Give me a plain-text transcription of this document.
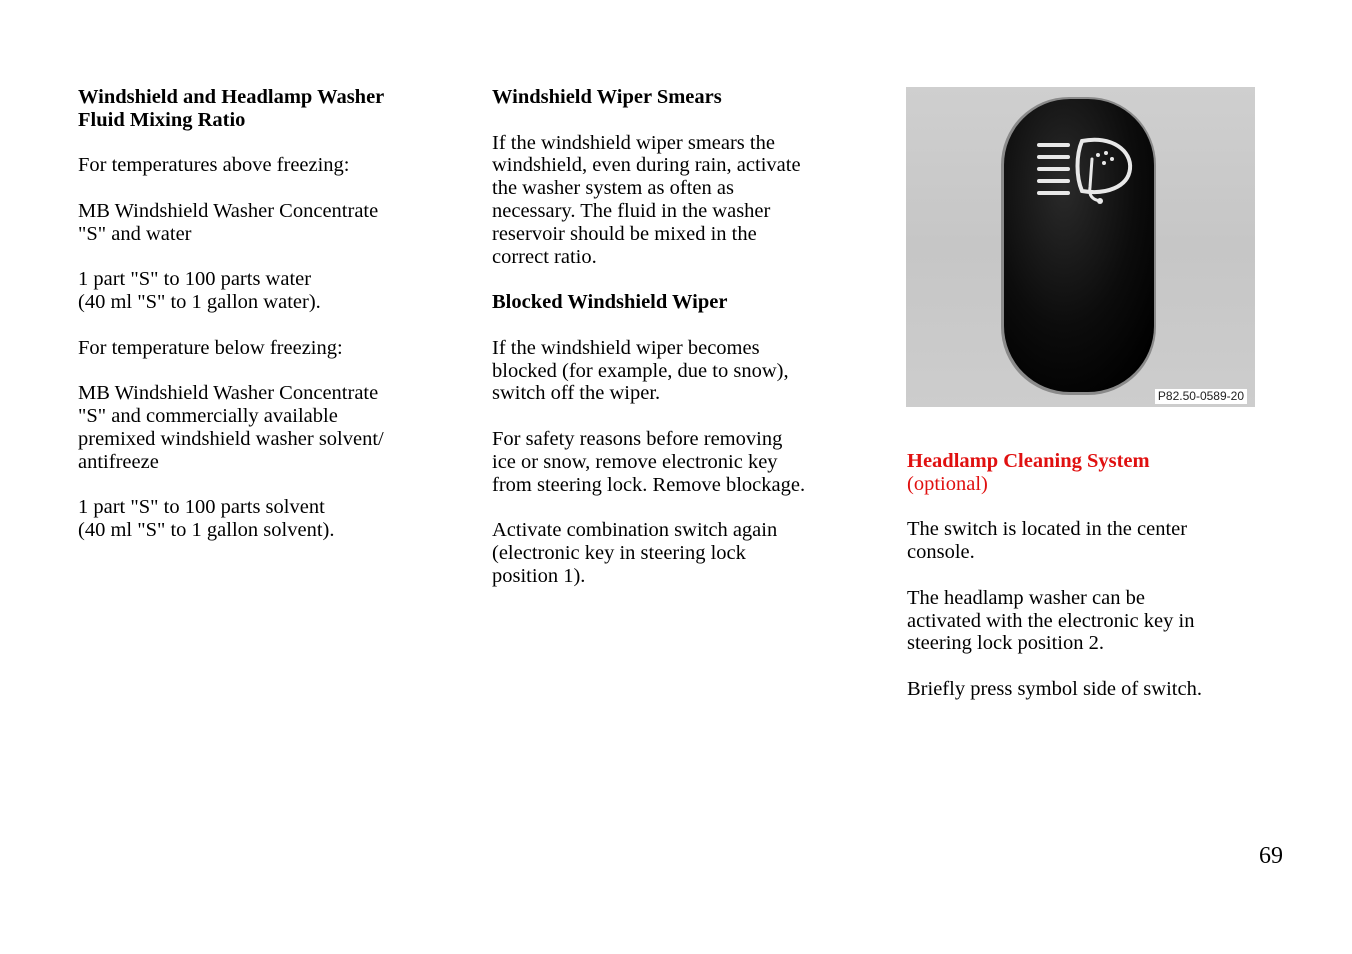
Windshield and Headlamp Washer
Fluid Mixing Ratio

For temperatures above freezing:

MB Windshield Washer Concentrate
"S" and water

1 part "S" to 100 parts water
(40 ml "S" to 1 gallon water).

For temperature below freezing:

MB Windshield Washer Concentrate
"S" and commercially available
premixed windshield washer solvent/
antifreeze

1 part "S" to 100 parts solvent
(40 ml "S" to 1 gallon solvent).

Windshield Wiper Smears

If the windshield wiper smears the
windshield, even during rain, activate
the washer system as often as
necessary. The fluid in the washer
reservoir should be mixed in the
correct ratio.

Blocked Windshield Wiper

If the windshield wiper becomes
blocked (for example, due to snow),
switch off the wiper.

For safety reasons before removing
ice or snow, remove electronic key
from steering lock. Remove blockage.

Activate combination switch again
(electronic key in steering lock
position 1).

P82.50-0589-20

Headlamp Cleaning System

(optional)

The switch is located in the center
console.

The headlamp washer can be
activated with the electronic key in
steering lock position 2.

Briefly press symbol side of switch.

69
